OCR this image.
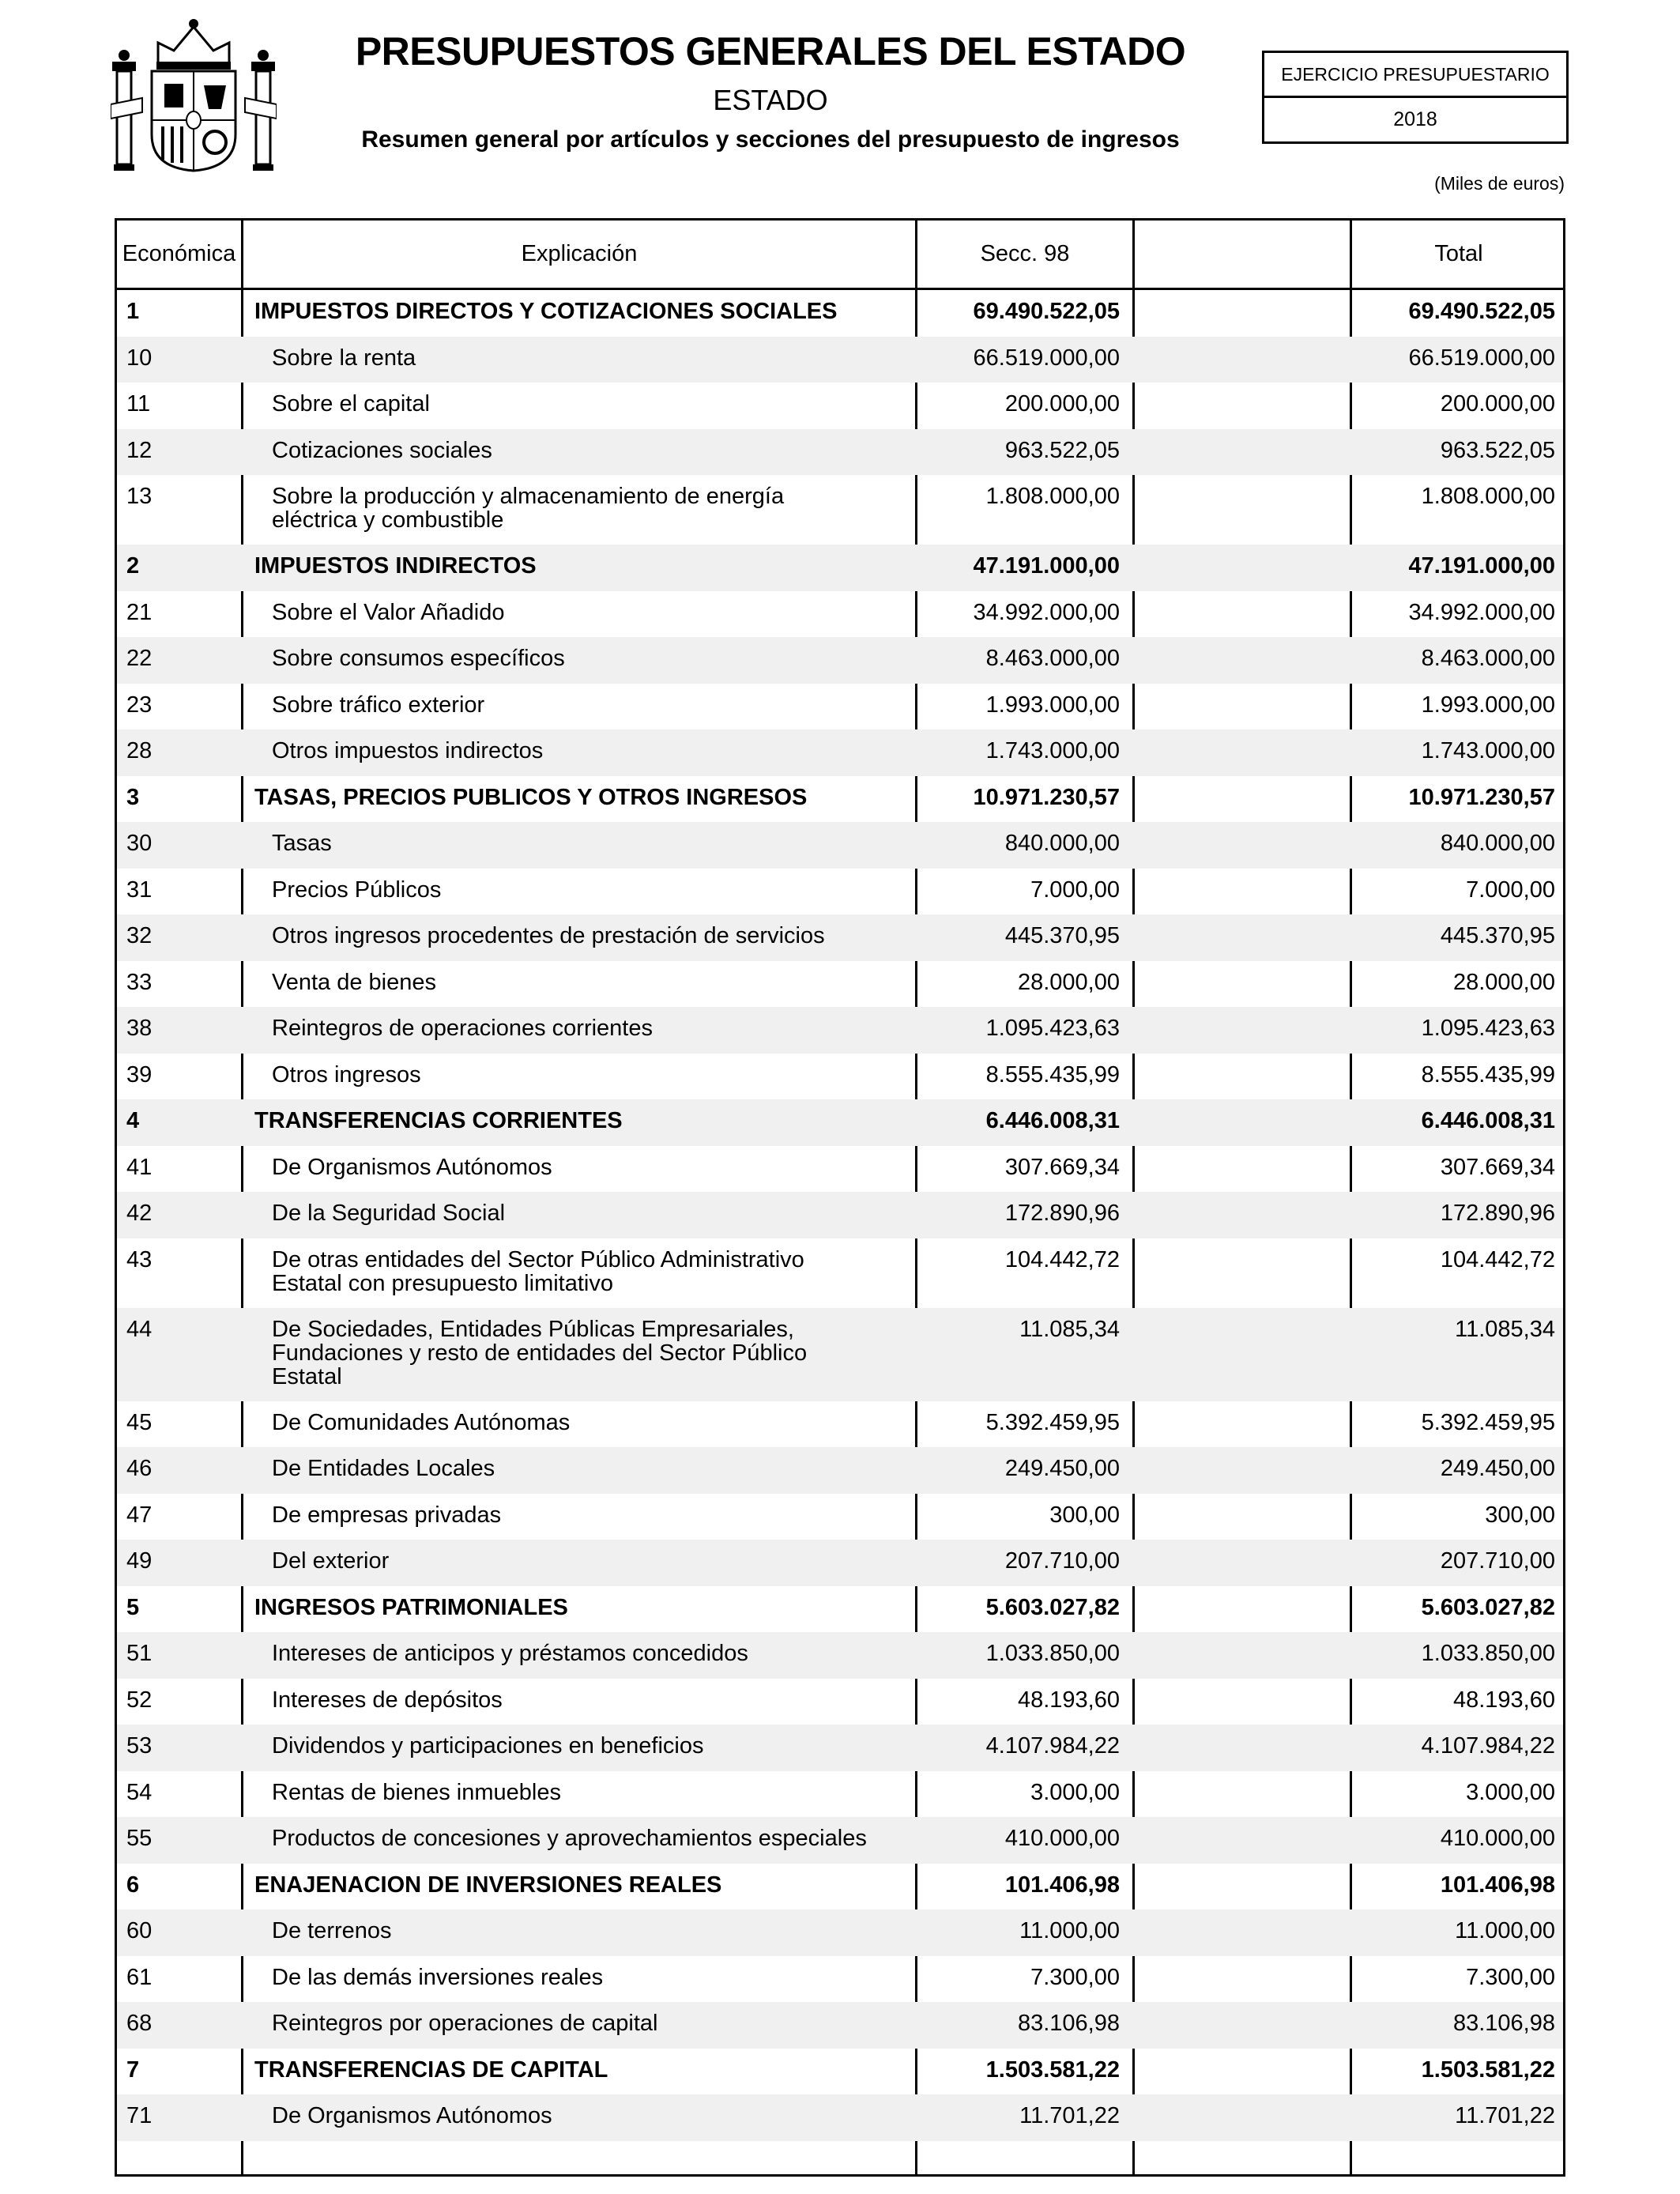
PRESUPUESTOS GENERALES DEL ESTADO
ESTADO
Resumen general por artículos y secciones del presupuesto de ingresos
EJERCICIO PRESUPUESTARIO
2018
(Miles de euros)
Económica	Explicación	Secc. 98	Total
1	IMPUESTOS DIRECTOS Y COTIZACIONES SOCIALES	69.490.522,05	69.490.522,05
10	Sobre la renta	66.519.000,00	66.519.000,00
11	Sobre el capital	200.000,00	200.000,00
12	Cotizaciones sociales	963.522,05	963.522,05
13	Sobre la producción y almacenamiento de energía
eléctrica y combustible
1.808.000,00	1.808.000,00
2	IMPUESTOS INDIRECTOS	47.191.000,00	47.191.000,00
21	Sobre el Valor Añadido	34.992.000,00	34.992.000,00
22	Sobre consumos específicos	8.463.000,00	8.463.000,00
23	Sobre tráfico exterior	1.993.000,00	1.993.000,00
28	Otros impuestos indirectos	1.743.000,00	1.743.000,00
3	TASAS, PRECIOS PUBLICOS Y OTROS INGRESOS	10.971.230,57	10.971.230,57
30	Tasas	840.000,00	840.000,00
31	Precios Públicos	7.000,00	7.000,00
32	Otros ingresos procedentes de prestación de servicios	445.370,95	445.370,95
33	Venta de bienes	28.000,00	28.000,00
38	Reintegros de operaciones corrientes	1.095.423,63	1.095.423,63
39	Otros ingresos	8.555.435,99	8.555.435,99
4	TRANSFERENCIAS CORRIENTES	6.446.008,31	6.446.008,31
41	De Organismos Autónomos	307.669,34	307.669,34
42	De la Seguridad Social	172.890,96	172.890,96
43	De otras entidades del Sector Público Administrativo
Estatal con presupuesto limitativo
104.442,72	104.442,72
44	De Sociedades, Entidades Públicas Empresariales,
Fundaciones y resto de entidades del Sector Público
Estatal
11.085,34	11.085,34
45	De Comunidades Autónomas	5.392.459,95	5.392.459,95
46	De Entidades Locales	249.450,00	249.450,00
47	De empresas privadas	300,00	300,00
49	Del exterior	207.710,00	207.710,00
5	INGRESOS PATRIMONIALES	5.603.027,82	5.603.027,82
51	Intereses de anticipos y préstamos concedidos	1.033.850,00	1.033.850,00
52	Intereses de depósitos	48.193,60	48.193,60
53	Dividendos y participaciones en beneficios	4.107.984,22	4.107.984,22
54	Rentas de bienes inmuebles	3.000,00	3.000,00
55	Productos de concesiones y aprovechamientos especiales	410.000,00	410.000,00
6	ENAJENACION DE INVERSIONES REALES	101.406,98	101.406,98
60	De terrenos	11.000,00	11.000,00
61	De las demás inversiones reales	7.300,00	7.300,00
68	Reintegros por operaciones de capital	83.106,98	83.106,98
7	TRANSFERENCIAS DE CAPITAL	1.503.581,22	1.503.581,22
71	De Organismos Autónomos	11.701,22	11.701,22
